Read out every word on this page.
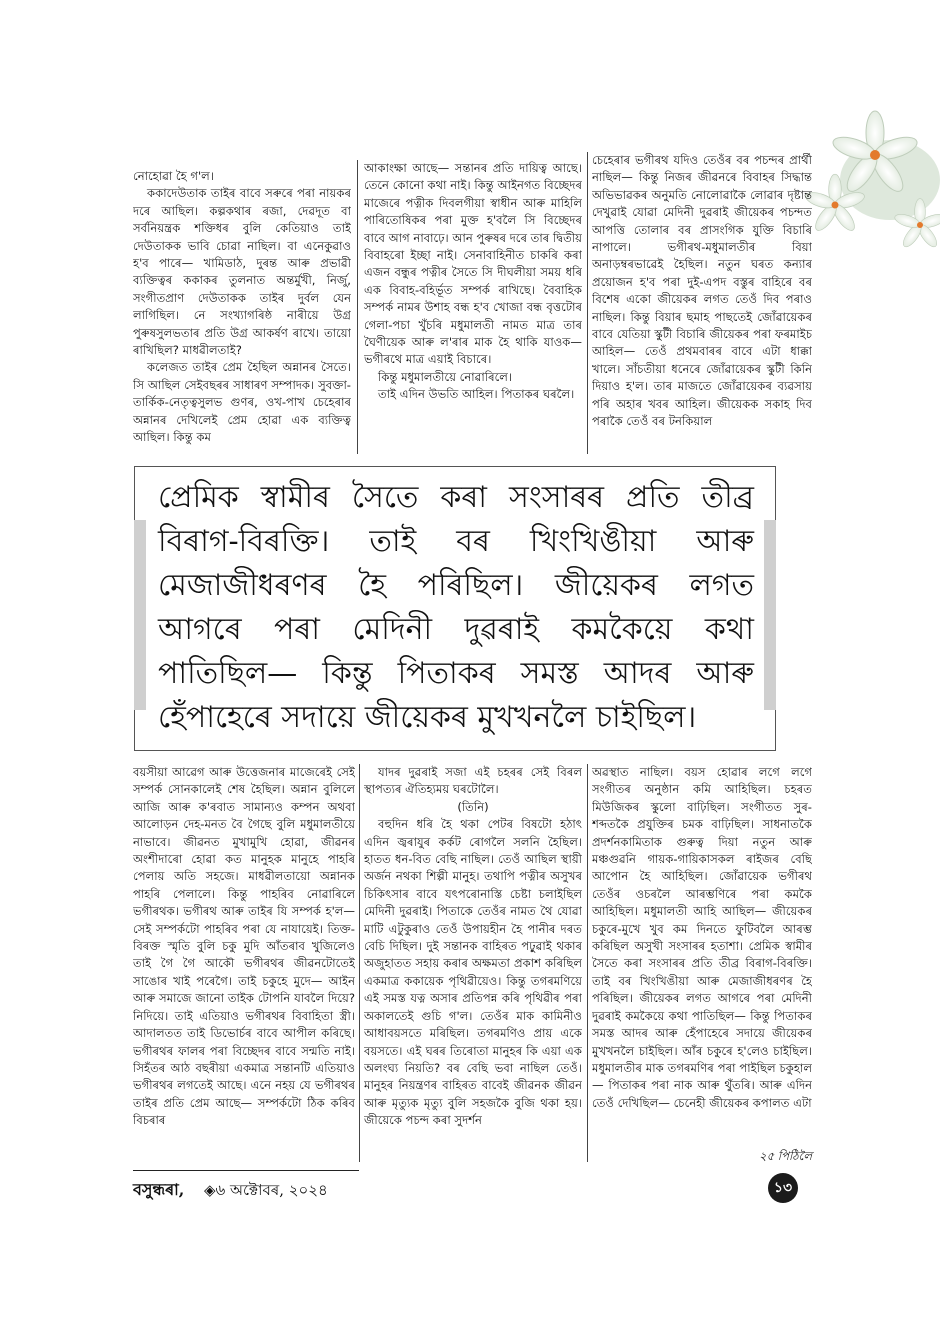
নোহোৱা হৈ গ'ল।

ককাদেউতাক তাইৰ বাবে সৰুৰে পৰা নায়কৰ দৰে আছিল। কল্পকথাৰ ৰজা, দেৱদূত বা সৰ্বনিয়ন্ত্ৰক শক্তিধৰ বুলি কেতিয়াও তাই দেউতাকক ভাবি চোৱা নাছিল। বা এনেকুৱাও হ'ব পাৰে— খামিডাঠ, দুৰন্ত আৰু প্ৰভাৱী ব্যক্তিত্বৰ ককাকৰ তুলনাত অন্তৰ্মুখী, নিৰ্জু, সংগীতপ্ৰাণ দেউতাকক তাইৰ দুৰ্বল যেন লাগিছিল। নে সংখ্যাগৰিষ্ঠ নাৰীয়ে উগ্ৰ পুৰুষসুলভতাৰ প্ৰতি উগ্ৰ আকৰ্ষণ ৰাখে। তায়ো ৰাখিছিল? মাধৱীলতাই?

কলেজত তাইৰ প্ৰেম হৈছিল অন্নানৰ সৈতে। সি আছিল সেইবছৰৰ সাধাৰণ সম্পাদক। সুবক্তা-তাৰ্কিক-নেতৃত্বসুলভ গুণৰ, ওখ-পাখ চেহেৰাৰ অন্নানৰ দেখিলেই প্ৰেম হোৱা এক ব্যক্তিত্ব আছিল। কিন্তু কম

আকাংক্ষা আছে— সন্তানৰ প্ৰতি দায়িত্ব আছে। তেনে কোনো কথা নাই। কিন্তু আইনগত বিচ্ছেদৰ মাজেৰে পত্নীক দিবলগীয়া স্বাধীন আৰু মাহিলি পাৰিতোষিকৰ পৰা মুক্ত হ'বলৈ সি বিচ্ছেদৰ বাবে আগ নাবাঢ়ে। আন পুৰুষৰ দৰে তাৰ দ্বিতীয় বিবাহৰো ইচ্ছা নাই। সেনাবাহিনীত চাকৰি কৰা এজন বন্ধুৰ পত্নীৰ সৈতে সি দীঘলীয়া সময় ধৰি এক বিবাহ-বহিৰ্ভূত সম্পৰ্ক ৰাখিছে। বৈবাহিক সম্পৰ্ক নামৰ উশাহ বন্ধ হ'ব খোজা বন্ধ বৃত্তটোৰ গেলা-পচা খুঁচৰি মধুমালতী নামত মাত্ৰ তাৰ ঘৈণীয়েক আৰু ল'ৰাৰ মাক হৈ থাকি যাওক— ভগীৰথে মাত্ৰ এয়াই বিচাৰে।

কিন্তু মধুমালতীয়ে নোৱাৰিলে।

তাই এদিন উভতি আহিল। পিতাকৰ ঘৰলৈ।

চেহেৰাৰ ভগীৰথ যদিও তেওঁৰ বৰ পচন্দৰ প্ৰাৰ্থী নাছিল— কিন্তু নিজৰ জীৱনৰে বিবাহৰ সিদ্ধান্ত অভিভাৱকৰ অনুমতি নোলোৱাকৈ লোৱাৰ দৃষ্টান্ত দেখুৱাই যোৱা মেদিনী দুৱৰাই জীয়েকৰ পচন্দত আপত্তি তোলাৰ বৰ প্ৰাসংগিক যুক্তি বিচাৰি নাপালে। ভগীৰথ-মধুমালতীৰ বিয়া অনাড়ম্বৰভাৱেই হৈছিল। নতুন ঘৰত কন্যাৰ প্ৰয়োজন হ'ব পৰা দুই-এপদ বস্তুৰ বাহিৰে বৰ বিশেষ একো জীয়েকৰ লগত তেওঁ দিব পৰাও নাছিল। কিন্তু বিয়াৰ ছমাহ পাছতেই জোঁৱায়েকৰ বাবে যেতিয়া স্কুটী বিচাৰি জীয়েকৰ পৰা ফৰমাইচ আহিল— তেওঁ প্ৰথমবাৰৰ বাবে এটা ধাক্কা খালে। সাঁচতীয়া ধনেৰে জোঁৱায়েকৰ স্কুটী কিনি দিয়াও হ'ল। তাৰ মাজতে জোঁৱায়েকৰ ব্যৱসায় পৰি অহাৰ খবৰ আহিল। জীয়েকক সকাহ দিব পৰাকৈ তেওঁ বৰ টনকিয়াল

প্ৰেমিক স্বামীৰ সৈতে কৰা সংসাৰৰ প্ৰতি তীব্ৰ বিৰাগ-বিৰক্তি। তাই বৰ খিংখিঙীয়া আৰু মেজাজীধৰণৰ হৈ পৰিছিল। জীয়েকৰ লগত আগৰে পৰা মেদিনী দুৱৰাই কমকৈয়ে কথা পাতিছিল— কিন্তু পিতাকৰ সমস্ত আদৰ আৰু হেঁপাহেৰে সদায়ে জীয়েকৰ মুখখনলৈ চাইছিল।

বয়সীয়া আৱেগ আৰু উত্তেজনাৰ মাজেৰেই সেই সম্পৰ্ক সোনকালেই শেষ হৈছিল। অন্নান বুলিলে আজি আৰু ক'ৰবাত সামান্যও কম্পন অথবা আলোড়ন দেহ-মনত বৈ গৈছে বুলি মধুমালতীয়ে নাভাবে। জীৱনত মুখামুখি হোৱা, জীৱনৰ অংশীদাৰো হোৱা কত মানুহক মানুহে পাহৰি পেলায় অতি সহজে। মাধৱীলতায়ো অন্নানক পাহৰি পেলালে। কিন্তু পাহৰিব নোৱাৰিলে ভগীৰথক। ভগীৰথ আৰু তাইৰ যি সম্পৰ্ক হ'ল— সেই সম্পৰ্কটো পাহৰিব পৰা যে নাযায়েই। তিক্ত-বিৰক্ত স্মৃতি বুলি চকু মুদি আঁতৰাব খুজিলেও তাই গৈ গৈ আকৌ ভগীৰথৰ জীৱনটোতেই সাঙোৰ খাই পৰেগৈ। তাই চকুহে মুদে— আইন আৰু সমাজে জানো তাইক টোপনি যাবলৈ দিয়ে? নিদিয়ে। তাই এতিয়াও ভগীৰথৰ বিবাহিতা স্ত্ৰী। আদালতত তাই ডিভোৰ্চৰ বাবে আপীল কৰিছে। ভগীৰথৰ ফালৰ পৰা বিচ্ছেদৰ বাবে সন্মতি নাই। সিহঁতৰ আঠ বছৰীয়া একমাত্ৰ সন্তানটি এতিয়াও ভগীৰথৰ লগতেই আছে। এনে নহয় যে ভগীৰথৰ তাইৰ প্ৰতি প্ৰেম আছে— সম্পৰ্কটো ঠিক কৰিব বিচৰাৰ

যাদৰ দুৱৰাই সজা এই চহৰৰ সেই বিৰল স্থাপত্যৰ ঐতিহ্যময় ঘৰটোলৈ।

(তিনি)

বহুদিন ধৰি হৈ থকা পেটৰ বিষটো হঠাৎ এদিন জ্বৰাযুৰ কৰ্কট ৰোগলৈ সলনি হৈছিল। হাতত ধন-বিত বেছি নাছিল। তেওঁ আছিল স্থায়ী অৰ্জন নথকা শিল্পী মানুহ। তথাপি পত্নীৰ অসুখৰ চিকিৎসাৰ বাবে যৎপৰোনাস্তি চেষ্টা চলাইছিল মেদিনী দুৱৰাই। পিতাকে তেওঁৰ নামত থৈ যোৱা মাটি এটুকুৰাও তেওঁ উপায়হীন হৈ পানীৰ দৰত বেচি দিছিল। দুই সন্তানক বাহিৰত পঢ়ুৱাই থকাৰ অজুহাতত সহায় কৰাৰ অক্ষমতা প্ৰকাশ কৰিছিল একমাত্ৰ ককায়েক পৃথিৱীয়েও। কিন্তু তগৰমণিয়ে এই সমস্ত যত্ন অসাৰ প্ৰতিপন্ন কৰি পৃথিৱীৰ পৰা অকালতেই গুচি গ'ল। তেওঁৰ মাক কামিনীও আধাবয়সতে মৰিছিল। তগৰমণিও প্ৰায় একে বয়সতে। এই ঘৰৰ তিৰোতা মানুহৰ কি এয়া এক অলংঘ্য নিয়তি? বৰ বেছি ভবা নাছিল তেওঁ। মানুহৰ নিয়ন্ত্ৰণৰ বাহিৰত বাবেই জীৱনক জীৱন আৰু মৃত্যুক মৃত্যু বুলি সহজকৈ বুজি থকা হয়। জীয়েকে পচন্দ কৰা সুদৰ্শন

অৱস্থাত নাছিল। বয়স হোৱাৰ লগে লগে সংগীতৰ অনুষ্ঠান কমি আহিছিল। চহৰত মিউজিকৰ স্কুলো বাঢ়িছিল। সংগীতত সুৰ-শব্দতকৈ প্ৰযুক্তিৰ চমক বাঢ়িছিল। সাধনাতকৈ প্ৰদৰ্শনকামিতাক গুৰুত্ব দিয়া নতুন আৰু মঞ্চগুৱনি গায়ক-গায়িকাসকল ৰাইজৰ বেছি আপোন হৈ আহিছিল। জোঁৱায়েক ভগীৰথ তেওঁৰ ওচৰলৈ আৰম্ভণিৰে পৰা কমকৈ আহিছিল। মধুমালতী আহি আছিল— জীয়েকৰ চকুৰে-মুখে খুব কম দিনতে ফুটিবলৈ আৰম্ভ কৰিছিল অসুখী সংসাৰৰ হতাশা। প্ৰেমিক স্বামীৰ সৈতে কৰা সংসাৰৰ প্ৰতি তীব্ৰ বিৰাগ-বিৰক্তি। তাই বৰ খিংখিঙীয়া আৰু মেজাজীধৰণৰ হৈ পৰিছিল। জীয়েকৰ লগত আগৰে পৰা মেদিনী দুৱৰাই কমকৈয়ে কথা পাতিছিল— কিন্তু পিতাকৰ সমস্ত আদৰ আৰু হেঁপাহেৰে সদায়ে জীয়েকৰ মুখখনলৈ চাইছিল। আঁৰ চকুৰে হ'লেও চাইছিল। মধুমালতীৰ মাক তগৰমণিৰ পৰা পাইছিল চকুহাল— পিতাকৰ পৰা নাক আৰু থুঁতৰি। আৰু এদিন তেওঁ দেখিছিল— চেনেহী জীয়েকৰ কপালত এটা

২৫ পিঠিলৈ
বসুন্ধৰা, ◈৬ অক্টোবৰ, ২০২৪	১৩
